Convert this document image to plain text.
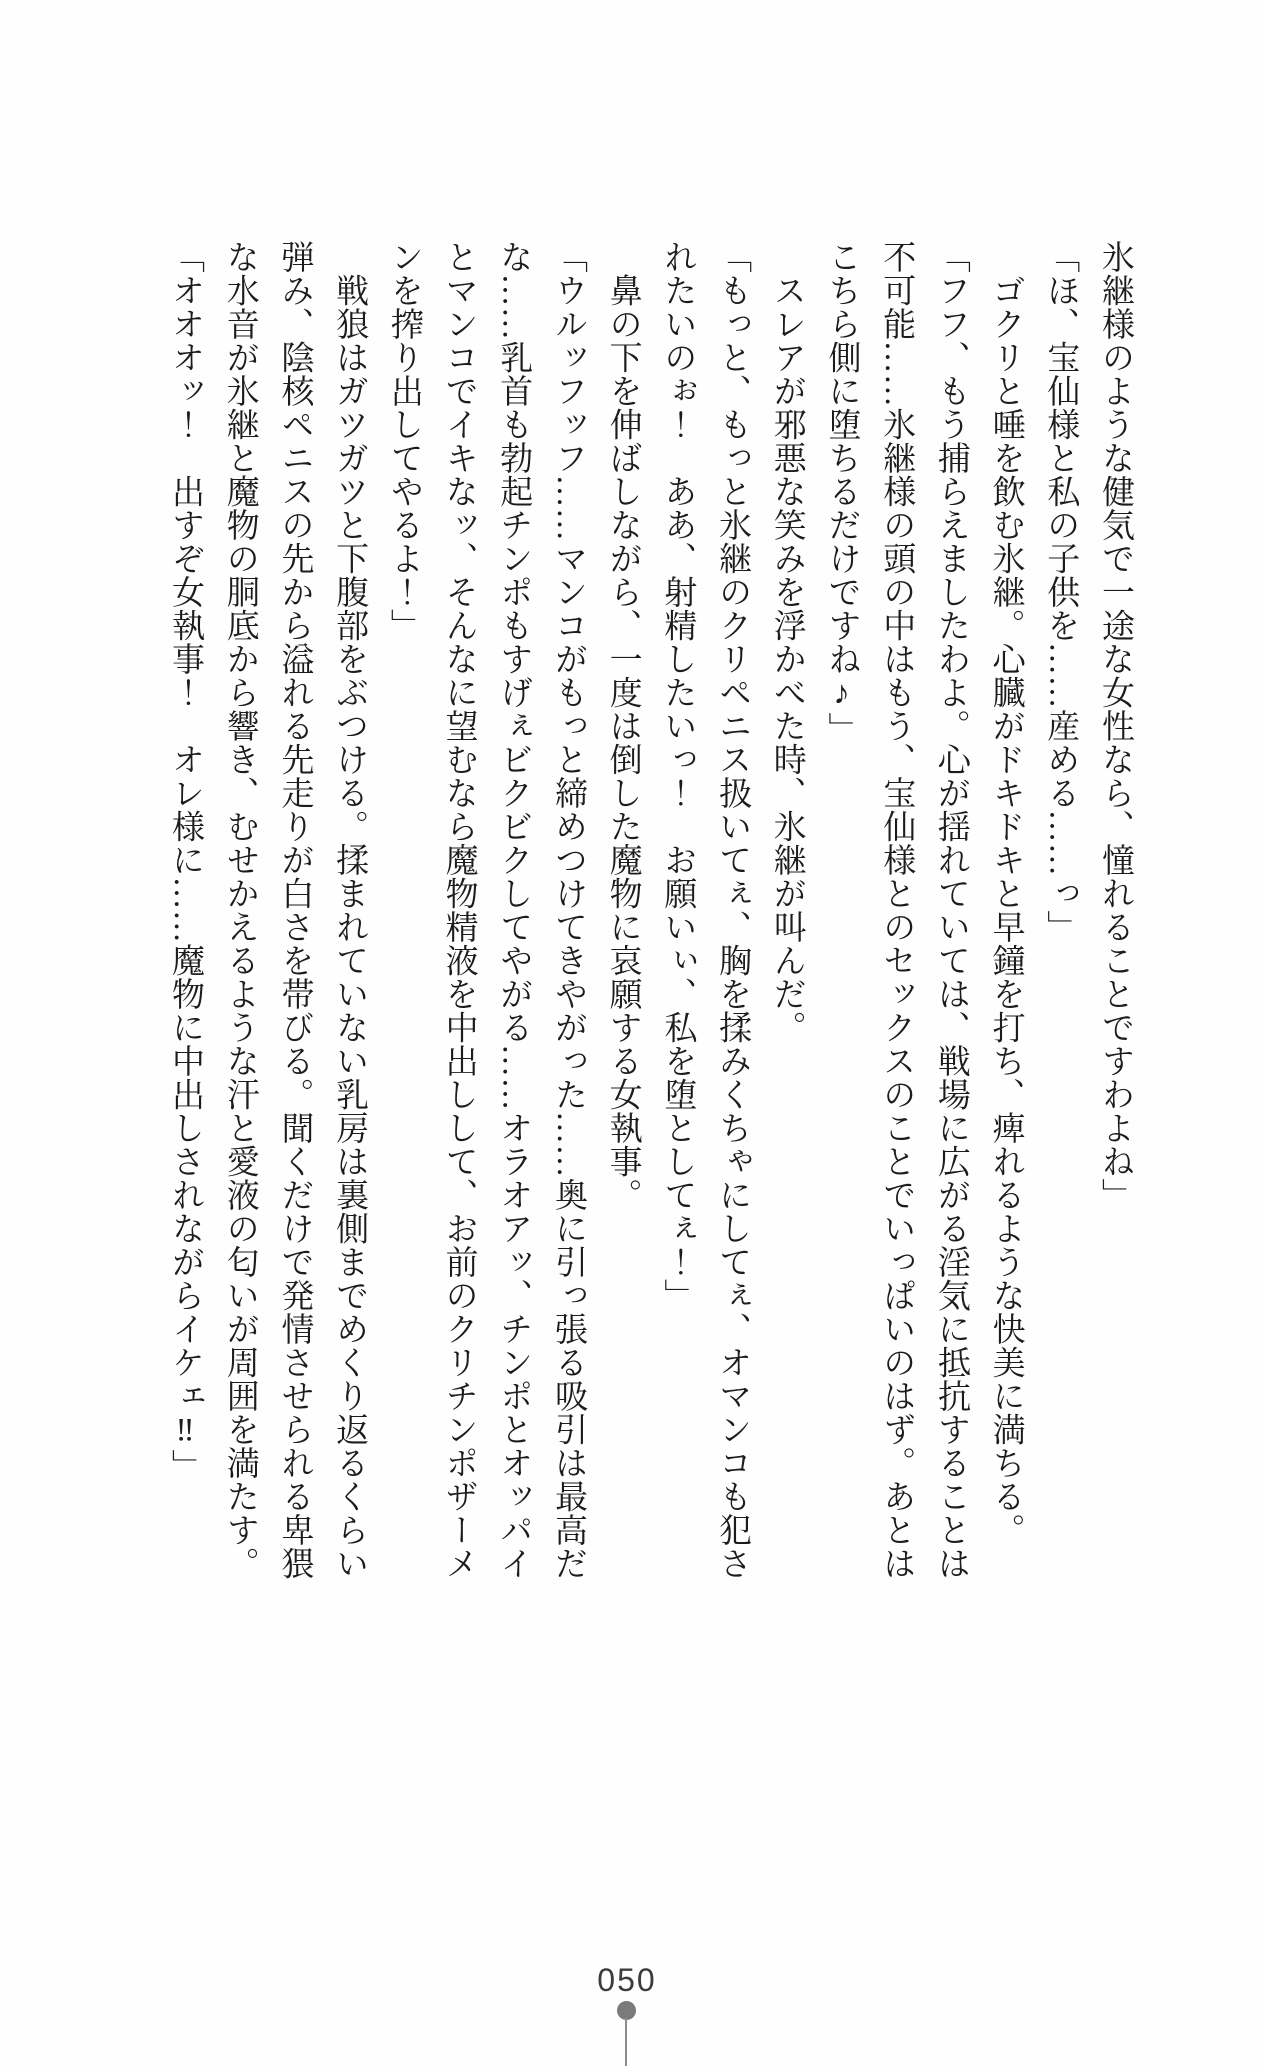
氷継様のような健気で一途な女性なら、憧れることですわよね」

「ほ、宝仙様と私の子供を……産める……っ」

　ゴクリと唾を飲む氷継。心臓がドキドキと早鐘を打ち、痺れるような快美に満ちる。

「フフ、もう捕らえましたわよ。心が揺れていては、戦場に広がる淫気に抵抗することは

不可能……氷継様の頭の中はもう、宝仙様とのセックスのことでいっぱいのはず。あとは

こちら側に堕ちるだけですね♪」

　スレアが邪悪な笑みを浮かべた時、氷継が叫んだ。

「もっと、もっと氷継のクリペニス扱いてぇ、胸を揉みくちゃにしてぇ、オマンコも犯さ

れたいのぉ！　ああ、射精したいっ！　お願いぃ、私を堕としてぇ！」

　鼻の下を伸ばしながら、一度は倒した魔物に哀願する女執事。

「ウルッフッフ……マンコがもっと締めつけてきやがった……奥に引っ張る吸引は最高だ

な……乳首も勃起チンポもすげぇビクビクしてやがる……オラオアッ、チンポとオッパイ

とマンコでイキなッ、そんなに望むなら魔物精液を中出しして、お前のクリチンポザーメ

ンを搾り出してやるよ！」

　戦狼はガツガツと下腹部をぶつける。揉まれていない乳房は裏側までめくり返るくらい

弾み、陰核ペニスの先から溢れる先走りが白さを帯びる。聞くだけで発情させられる卑猥

な水音が氷継と魔物の胴底から響き、むせかえるような汗と愛液の匂いが周囲を満たす。

「オオオッ！　出すぞ女執事！　オレ様に……魔物に中出しされながらイケェ‼」

050
